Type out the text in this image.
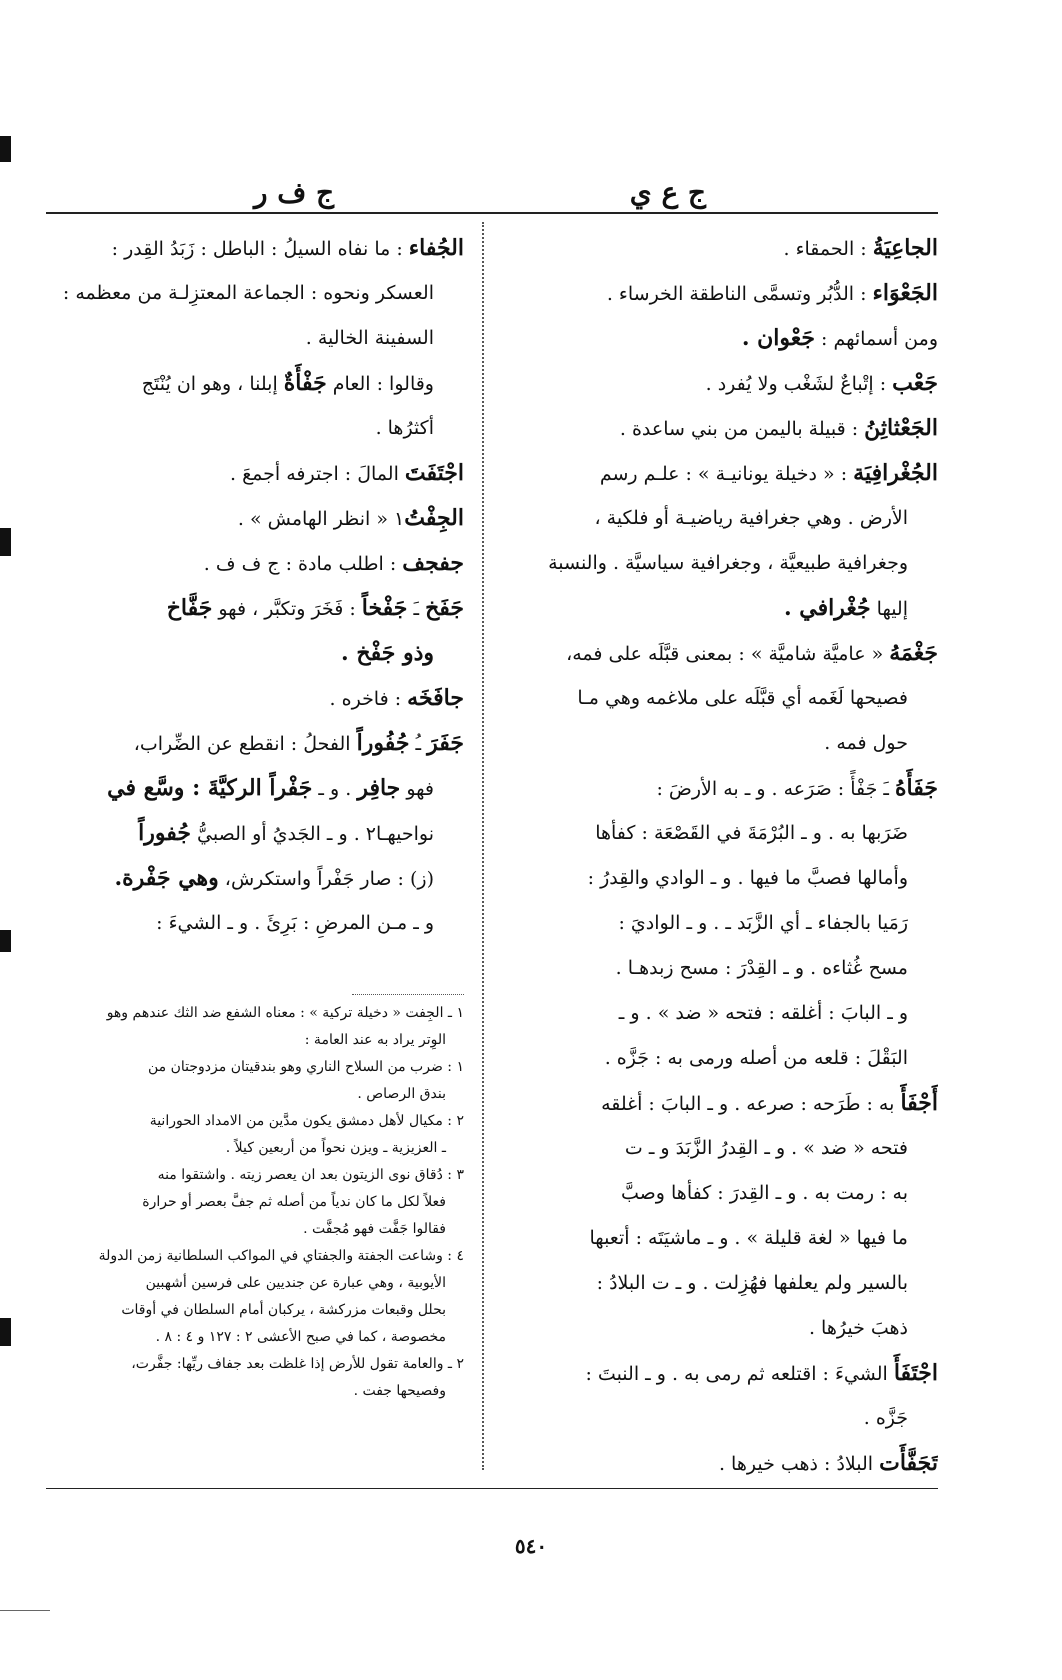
ج ع ي
ج ف ر
الجاعِيَةُ : الحمقاء .
الجَعْوَاء : الدُّبُر وتسمَّى الناطقة الخرساء .
ومن أسمائهم : جَعْوان .
جَعْب : إتْباعٌ لشَغْب ولا يُفرد .
الجَعْثاثِنُ : قبيلة باليمن من بني ساعدة .
الجُغْرافِيَة : « دخيلة يونانيـة » : علـم رسم
الأرض . وهي جغرافية رياضيـة أو فلكية ،
وجغرافية طبيعيَّة ، وجغرافية سياسيَّة . والنسبة
إليها جُغْرافي .
جَغْمَهُ « عاميَّة شاميَّة » : بمعنى قبَّلَه على فمه،
فصيحها لَغَمه أي قبَّلَه على ملاغمه وهي مـا
حول فمه .
جَفَأَهُ ـَ جَفْأً : صَرَعه . و ـ به الأرضَ :
ضَرَبها به . و ـ البُرْمَةَ في القَصْعَة : كفأها
وأمالها فصبَّ ما فيها . و ـ الوادي والقِدرُ :
رَمَيا بالجفاء ـ أي الزَّبَد ـ . و ـ الواديَ :
مسح غُثاءه . و ـ القِدْرَ : مسح زبدهـا .
و ـ البابَ : أغلقه : فتحه « ضد » . و ـ
البَقْلَ : قلعه من أصله ورمى به : جَزَّه .
أَجْفَأَ به : طَرَحه : صرعه . و ـ البابَ : أغلقه
فتحه « ضد » . و ـ القِدرُ الزَّبَدَ و ـ ت
به : رمت به . و ـ القِدرَ : كفأها وصبَّ
ما فيها « لغة قليلة » . و ـ ماشيَتَه : أتعبها
بالسير ولم يعلفها فهُزِلت . و ـ ت البلادُ :
ذهبَ خيرُها .
اجْتَفَأَ الشيءَ : اقتلعه ثم رمى به . و ـ النبتَ :
جَزَّه .
تَجَفَّأَت البلادُ : ذهب خيرها .
الجُفاء : ما نفاه السيلُ : الباطل : زَبَدُ القِدر :
العسكر ونحوه : الجماعة المعتزِلـة من معظمه :
السفينة الخالية .
وقالوا : العام جَفْأَةٌ إبلنا ، وهو ان يُنْتَج
أكثرُها .
اجْتَفَتَ المالَ : اجترفه أجمعَ .
الجِفْتُ١ « انظر الهامش » .
جفجف : اطلب مادة : ج ف ف .
جَفَخ ـَ جَفْخاً : فَخَرَ وتكبَّر ، فهو جَفَّاخ
وذو جَفْخ .
جافَخَه : فاخره .
جَفَرَ ـُ جُفُوراً الفحلُ : انقطع عن الضِّراب،
فهو جافِر . و ـ جَفْراً الركيَّةَ : وسَّع في
نواحيهـا٢ . و ـ الجَديُ أو الصبيُّ جُفوراً
(ز) : صار جَفْراً واستكرش، وهي جَفْرة.
و ـ مـن المرضِ : بَرِئَ . و ـ الشيءَ :
١ ـ الجِفت « دخيلة تركية » : معناه الشفع ضد الثك عندهم وهو
الوِتر يراد به عند العامة :
١ : ضرب من السلاح الناري وهو بندقيتان مزدوجتان من
بندق الرصاص .
٢ : مكيال لأهل دمشق يكون مدَّين من الامداد الحورانية
ـ العزيزية ـ ويزن نحواً من أربعين كيلاً .
٣ : دُقاق نوى الزيتون بعد ان يعصر زيته . واشتقوا منه
فعلاً لكل ما كان ندياً من أصله ثم جفَّ بعصر أو حرارة
فقالوا جَفَّت فهو مُجفَّت .
٤ : وشاعت الجفتة والجفتاي في المواكب السلطانية زمن الدولة
الأيوبية ، وهي عبارة عن جنديين على فرسين أشهبين
بحلل وقبعات مزركشة ، يركبان أمام السلطان في أوقات
مخصوصة ، كما في صبح الأعشى ٢ : ١٢٧ و ٤ : ٨ .
٢ ـ والعامة تقول للأرض إذا غلظت بعد جفاف ريِّها: جفَّرت،
وفصيحها جفت .
٥٤٠
